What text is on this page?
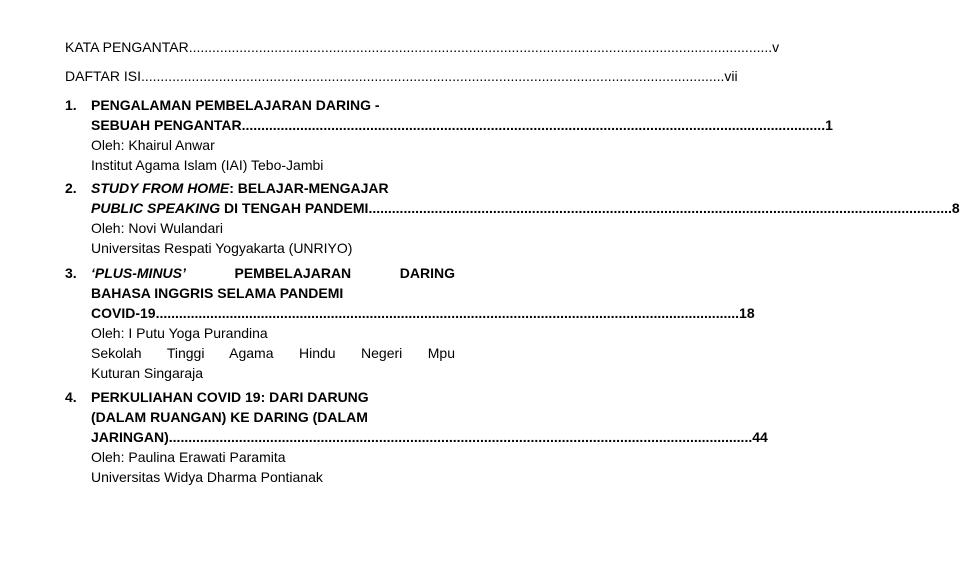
KATA PENGANTAR ...................................................................................................................................................... v
DAFTAR ISI ...................................................................................................................................................... vii
1. PENGALAMAN PEMBELAJARAN DARING -
SEBUAH PENGANTAR ...................................................................................................................................................... 1
Oleh: Khairul Anwar
Institut Agama Islam (IAI) Tebo-Jambi
2. STUDY FROM HOME : BELAJAR-MENGAJAR
PUBLIC SPEAKING DI TENGAH PANDEMI ...................................................................................................................................................... 8
Oleh: Novi Wulandari
Universitas Respati Yogyakarta (UNRIYO)
3. ‘PLUS-MINUS’	PEMBELAJARAN	DARING
BAHASA INGGRIS SELAMA PANDEMI
COVID-19 ...................................................................................................................................................... 18
Oleh: I Putu Yoga Purandina
Sekolah Tinggi Agama Hindu Negeri Mpu
Kuturan Singaraja
4. PERKULIAHAN COVID 19: DARI DARUNG
(DALAM RUANGAN) KE DARING (DALAM
JARINGAN) ...................................................................................................................................................... 44
Oleh: Paulina Erawati Paramita
Universitas Widya Dharma Pontianak
